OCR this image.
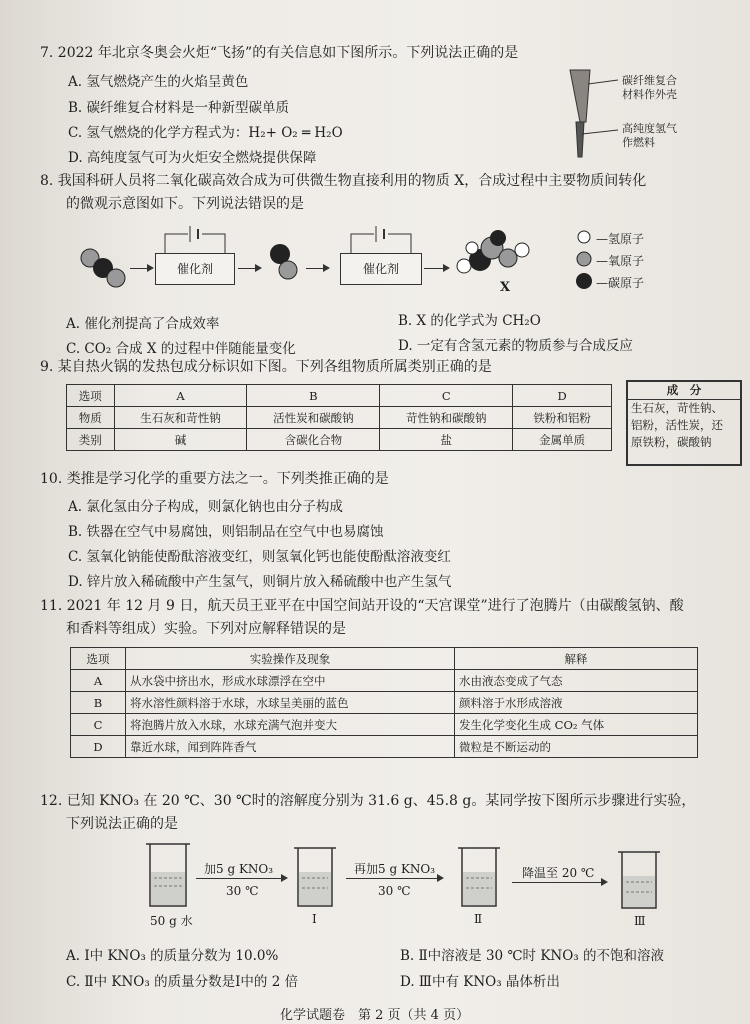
7. 2022 年北京冬奥会火炬“飞扬”的有关信息如下图所示。下列说法正确的是
A. 氢气燃烧产生的火焰呈黄色
B. 碳纤维复合材料是一种新型碳单质
C. 氢气燃烧的化学方程式为：H₂+ O₂ ═ H₂O
D. 高纯度氢气可为火炬安全燃烧提供保障
碳纤维复合
材料作外壳
高纯度氢气
作燃料
8. 我国科研人员将二氧化碳高效合成为可供微生物直接利用的物质 X，合成过程中主要物质间转化
的微观示意图如下。下列说法错误的是
催化剂	催化剂
X
—氢原子
—氧原子
—碳原子
A. 催化剂提高了合成效率	B. X 的化学式为 CH₂O
C. CO₂ 合成 X 的过程中伴随能量变化	D. 一定有含氢元素的物质参与合成反应
9. 某自热火锅的发热包成分标识如下图。下列各组物质所属类别正确的是
选项	A	B	C	D
物质	生石灰和苛性钠	活性炭和碳酸钠	苛性钠和碳酸钠	铁粉和铝粉
类别	碱	含碳化合物	盐	金属单质
成　分
生石灰，苛性钠、
铝粉，活性炭，还
原铁粉，碳酸钠
10. 类推是学习化学的重要方法之一。下列类推正确的是
A. 氯化氢由分子构成，则氯化钠也由分子构成
B. 铁器在空气中易腐蚀，则铝制品在空气中也易腐蚀
C. 氢氧化钠能使酚酞溶液变红，则氢氧化钙也能使酚酞溶液变红
D. 锌片放入稀硫酸中产生氢气，则铜片放入稀硫酸中也产生氢气
11. 2021 年 12 月 9 日，航天员王亚平在中国空间站开设的“天宫课堂”进行了泡腾片（由碳酸氢钠、酸
和香料等组成）实验。下列对应解释错误的是
选项	实验操作及现象	解释
A	从水袋中挤出水，形成水球漂浮在空中	水由液态变成了气态
B	将水溶性颜料溶于水球，水球呈美丽的蓝色	颜料溶于水形成溶液
C	将泡腾片放入水球，水球充满气泡并变大	发生化学变化生成 CO₂ 气体
D	靠近水球，闻到阵阵香气	微粒是不断运动的
12. 已知 KNO₃ 在 20 ℃、30 ℃时的溶解度分别为 31.6 g、45.8 g。某同学按下图所示步骤进行实验，
下列说法正确的是
50 g 水
加5 g KNO₃
30 ℃
Ⅰ
再加5 g KNO₃
30 ℃
Ⅱ
降温至 20 ℃
Ⅲ
A. Ⅰ中 KNO₃ 的质量分数为 10.0%	B. Ⅱ中溶液是 30 ℃时 KNO₃ 的不饱和溶液
C. Ⅱ中 KNO₃ 的质量分数是Ⅰ中的 2 倍	D. Ⅲ中有 KNO₃ 晶体析出
化学试题卷　第 2 页（共 4 页）
